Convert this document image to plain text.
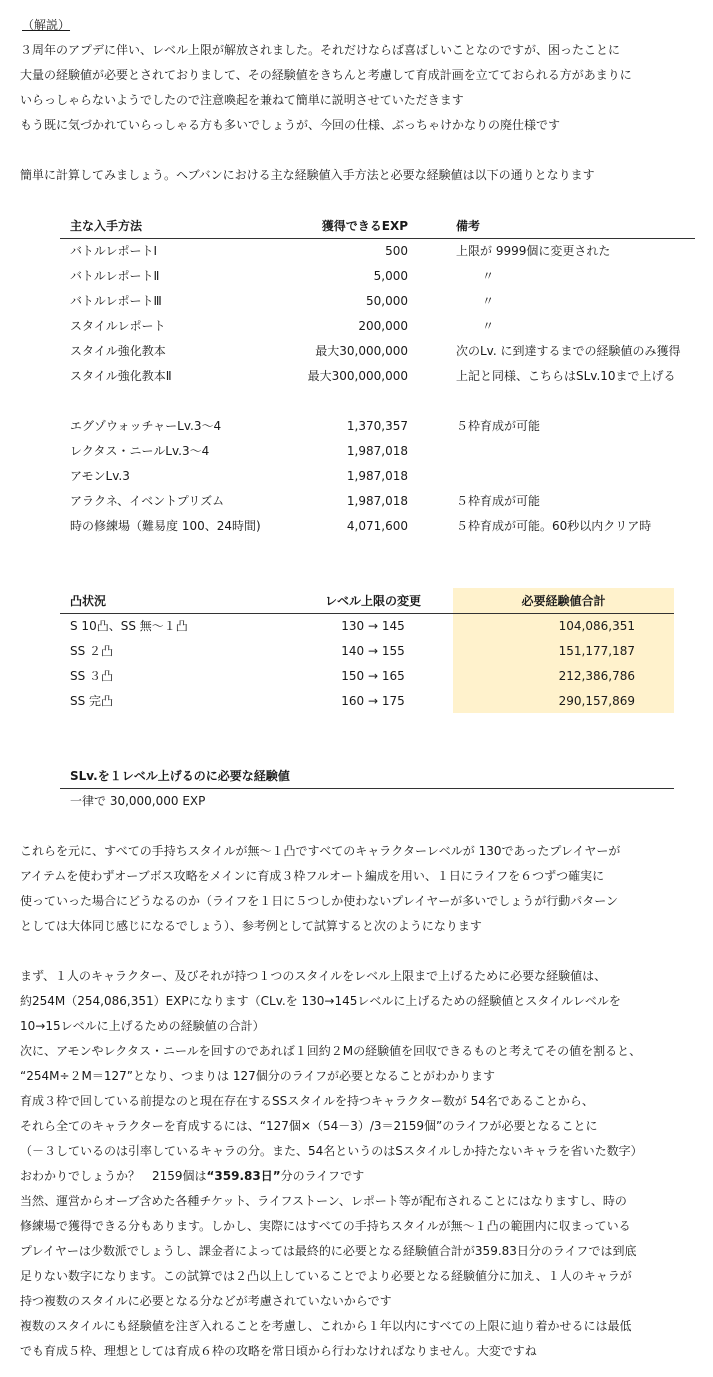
（解説）
３周年のアプデに伴い、レベル上限が解放されました。それだけならば喜ばしいことなのですが、困ったことに
大量の経験値が必要とされておりまして、その経験値をきちんと考慮して育成計画を立てておられる方があまりに
いらっしゃらないようでしたので注意喚起を兼ねて簡単に説明させていただきます
もう既に気づかれていらっしゃる方も多いでしょうが、今回の仕様、ぶっちゃけかなりの廃仕様です
簡単に計算してみましょう。ヘブバンにおける主な経験値入手方法と必要な経験値は以下の通りとなります
主な入手方法	獲得できるEXP	備考
バトルレポートⅠ	500	上限が 9999個に変更された
バトルレポートⅡ	5,000	〃
バトルレポートⅢ	50,000	〃
スタイルレポート	200,000	〃
スタイル強化教本	最大30,000,000	次のLv. に到達するまでの経験値のみ獲得
スタイル強化教本Ⅱ	最大300,000,000	上記と同様、こちらはSLv.10まで上げる
エグゾウォッチャーLv.3～4	1,370,357	５枠育成が可能
レクタス・ニールLv.3～4	1,987,018
アモンLv.3	1,987,018
アラクネ、イベントプリズム	1,987,018	５枠育成が可能
時の修練場（難易度 100、24時間)	4,071,600	５枠育成が可能。60秒以内クリア時
凸状況	レベル上限の変更	必要経験値合計
S 10凸、SS 無～１凸	130 → 145	104,086,351
SS ２凸	140 → 155	151,177,187
SS ３凸	150 → 165	212,386,786
SS 完凸	160 → 175	290,157,869
SLv.を１レベル上げるのに必要な経験値
一律で 30,000,000 EXP
これらを元に、すべての手持ちスタイルが無～１凸ですべてのキャラクターレベルが 130であったプレイヤーが
アイテムを使わずオーブボス攻略をメインに育成３枠フルオート編成を用い、１日にライフを６つずつ確実に
使っていった場合にどうなるのか（ライフを１日に５つしか使わないプレイヤーが多いでしょうが行動パターン
としては大体同じ感じになるでしょう）、参考例として試算すると次のようになります
まず、１人のキャラクター、及びそれが持つ１つのスタイルをレベル上限まで上げるために必要な経験値は、
約254M（254,086,351）EXPになります（CLv.を 130→145レベルに上げるための経験値とスタイルレベルを
10→15レベルに上げるための経験値の合計）
次に、アモンやレクタス・ニールを回すのであれば１回約２Mの経験値を回収できるものと考えてその値を割ると、
“254M÷２M＝127”となり、つまりは 127個分のライフが必要となることがわかります
育成３枠で回している前提なのと現在存在するSSスタイルを持つキャラクター数が 54名であることから、
それら全てのキャラクターを育成するには、“127個×（54－3）/3＝2159個”のライフが必要となることに
（－３しているのは引率しているキャラの分。また、54名というのはSスタイルしか持たないキャラを省いた数字）
おわかりでしょうか？　2159個は“359.83日”分のライフです
当然、運営からオーブ含めた各種チケット、ライフストーン、レポート等が配布されることにはなりますし、時の
修練場で獲得できる分もあります。しかし、実際にはすべての手持ちスタイルが無～１凸の範囲内に収まっている
プレイヤーは少数派でしょうし、課金者によっては最終的に必要となる経験値合計が359.83日分のライフでは到底
足りない数字になります。この試算では２凸以上していることでより必要となる経験値分に加え、１人のキャラが
持つ複数のスタイルに必要となる分などが考慮されていないからです
複数のスタイルにも経験値を注ぎ入れることを考慮し、これから１年以内にすべての上限に辿り着かせるには最低
でも育成５枠、理想としては育成６枠の攻略を常日頃から行わなければなりません。大変ですね
